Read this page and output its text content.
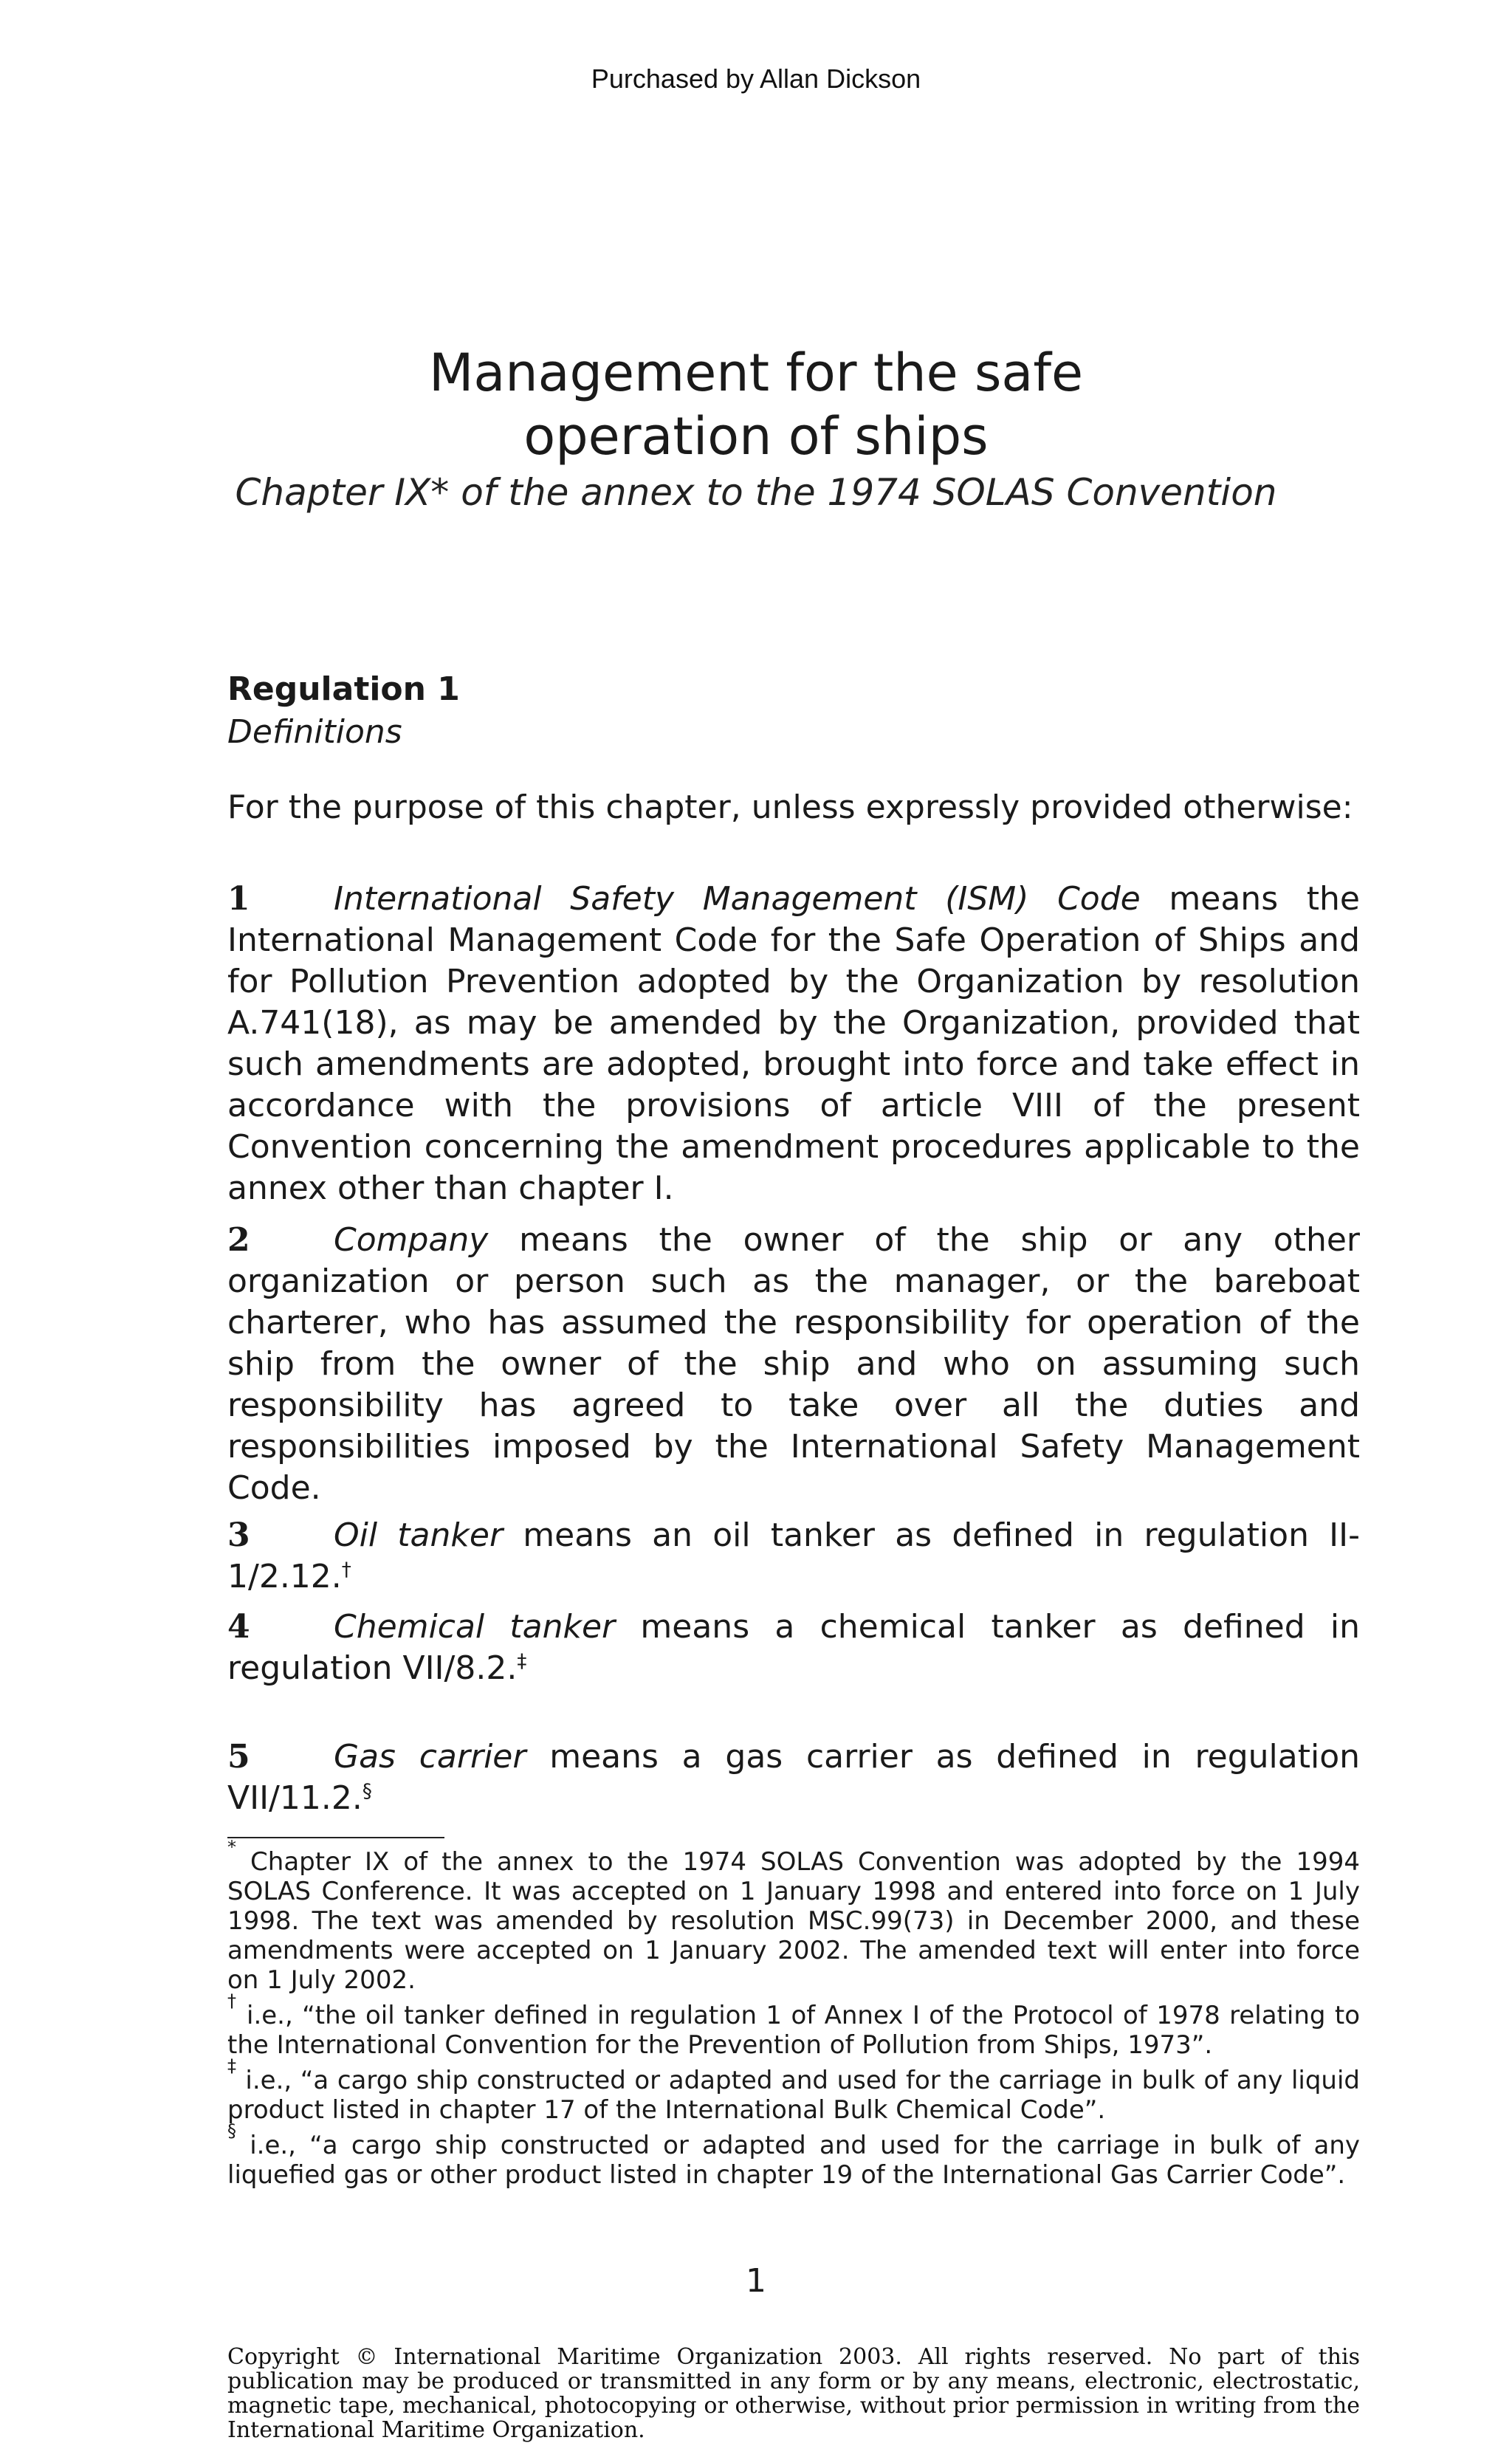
Purchased by Allan Dickson
Management for the safe
operation of ships
Chapter IX* of the annex to the 1974 SOLAS Convention
Regulation 1
Definitions
For the purpose of this chapter, unless expressly provided otherwise:
1	International Safety Management (ISM) Code means the International Management Code for the Safe Operation of Ships and for Pollution Prevention adopted by the Organization by resolution A.741(18), as may be amended by the Organization, provided that such amendments are adopted, brought into force and take effect in accordance with the provisions of article VIII of the present Convention concerning the amendment procedures applicable to the annex other than chapter I.
2	Company means the owner of the ship or any other organization or person such as the manager, or the bareboat charterer, who has assumed the responsibility for operation of the ship from the owner of the ship and who on assuming such responsibility has agreed to take over all the duties and responsibilities imposed by the International Safety Management Code.
3	Oil tanker means an oil tanker as defined in regulation II-1/2.12.†
4	Chemical tanker means a chemical tanker as defined in regulation VII/8.2.‡
5	Gas carrier means a gas carrier as defined in regulation VII/11.2.§

* Chapter IX of the annex to the 1974 SOLAS Convention was adopted by the 1994 SOLAS Conference. It was accepted on 1 January 1998 and entered into force on 1 July 1998. The text was amended by resolution MSC.99(73) in December 2000, and these amendments were accepted on 1 January 2002. The amended text will enter into force on 1 July 2002.

† i.e., “the oil tanker defined in regulation 1 of Annex I of the Protocol of 1978 relating to the International Convention for the Prevention of Pollution from Ships, 1973”.

‡ i.e., “a cargo ship constructed or adapted and used for the carriage in bulk of any liquid product listed in chapter 17 of the International Bulk Chemical Code”.

§ i.e., “a cargo ship constructed or adapted and used for the carriage in bulk of any liquefied gas or other product listed in chapter 19 of the International Gas Carrier Code”.

1
Copyright © International Maritime Organization 2003. All rights reserved. No part of this publication may be produced or transmitted in any form or by any means, electronic, electrostatic, magnetic tape, mechanical, photocopying or otherwise, without prior permission in writing from the International Maritime Organization.
